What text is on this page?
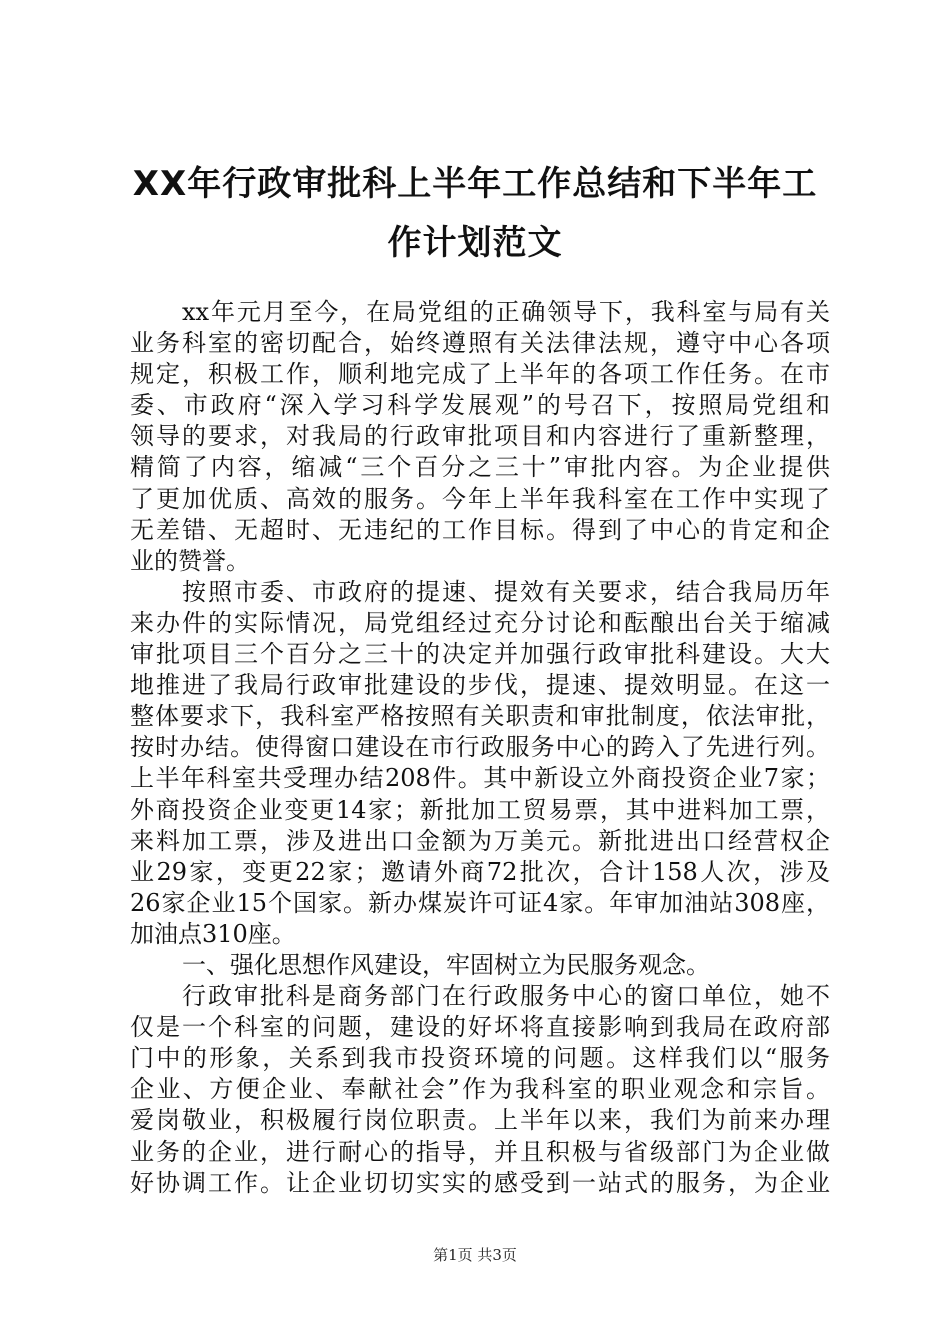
XX年行政审批科上半年工作总结和下半年工
作计划范文
xx年元月至今，在局党组的正确领导下，我科室与局有关
业务科室的密切配合，始终遵照有关法律法规，遵守中心各项
规定，积极工作，顺利地完成了上半年的各项工作任务。在市
委、市政府“深入学习科学发展观”的号召下，按照局党组和
领导的要求，对我局的行政审批项目和内容进行了重新整理，
精简了内容，缩减“三个百分之三十”审批内容。为企业提供
了更加优质、高效的服务。今年上半年我科室在工作中实现了
无差错、无超时、无违纪的工作目标。得到了中心的肯定和企
业的赞誉。
按照市委、市政府的提速、提效有关要求，结合我局历年
来办件的实际情况，局党组经过充分讨论和酝酿出台关于缩减
审批项目三个百分之三十的决定并加强行政审批科建设。大大
地推进了我局行政审批建设的步伐，提速、提效明显。在这一
整体要求下，我科室严格按照有关职责和审批制度，依法审批，
按时办结。使得窗口建设在市行政服务中心的跨入了先进行列。
上半年科室共受理办结208件。其中新设立外商投资企业7家；
外商投资企业变更14家；新批加工贸易票，其中进料加工票，
来料加工票，涉及进出口金额为万美元。新批进出口经营权企
业29家，变更22家；邀请外商72批次，合计158人次，涉及
26家企业15个国家。新办煤炭许可证4家。年审加油站308座，
加油点310座。
一、强化思想作风建设，牢固树立为民服务观念。
行政审批科是商务部门在行政服务中心的窗口单位，她不
仅是一个科室的问题，建设的好坏将直接影响到我局在政府部
门中的形象，关系到我市投资环境的问题。这样我们以“服务
企业、方便企业、奉献社会”作为我科室的职业观念和宗旨。
爱岗敬业，积极履行岗位职责。上半年以来，我们为前来办理
业务的企业，进行耐心的指导，并且积极与省级部门为企业做
好协调工作。让企业切切实实的感受到一站式的服务，为企业
第1页 共3页
